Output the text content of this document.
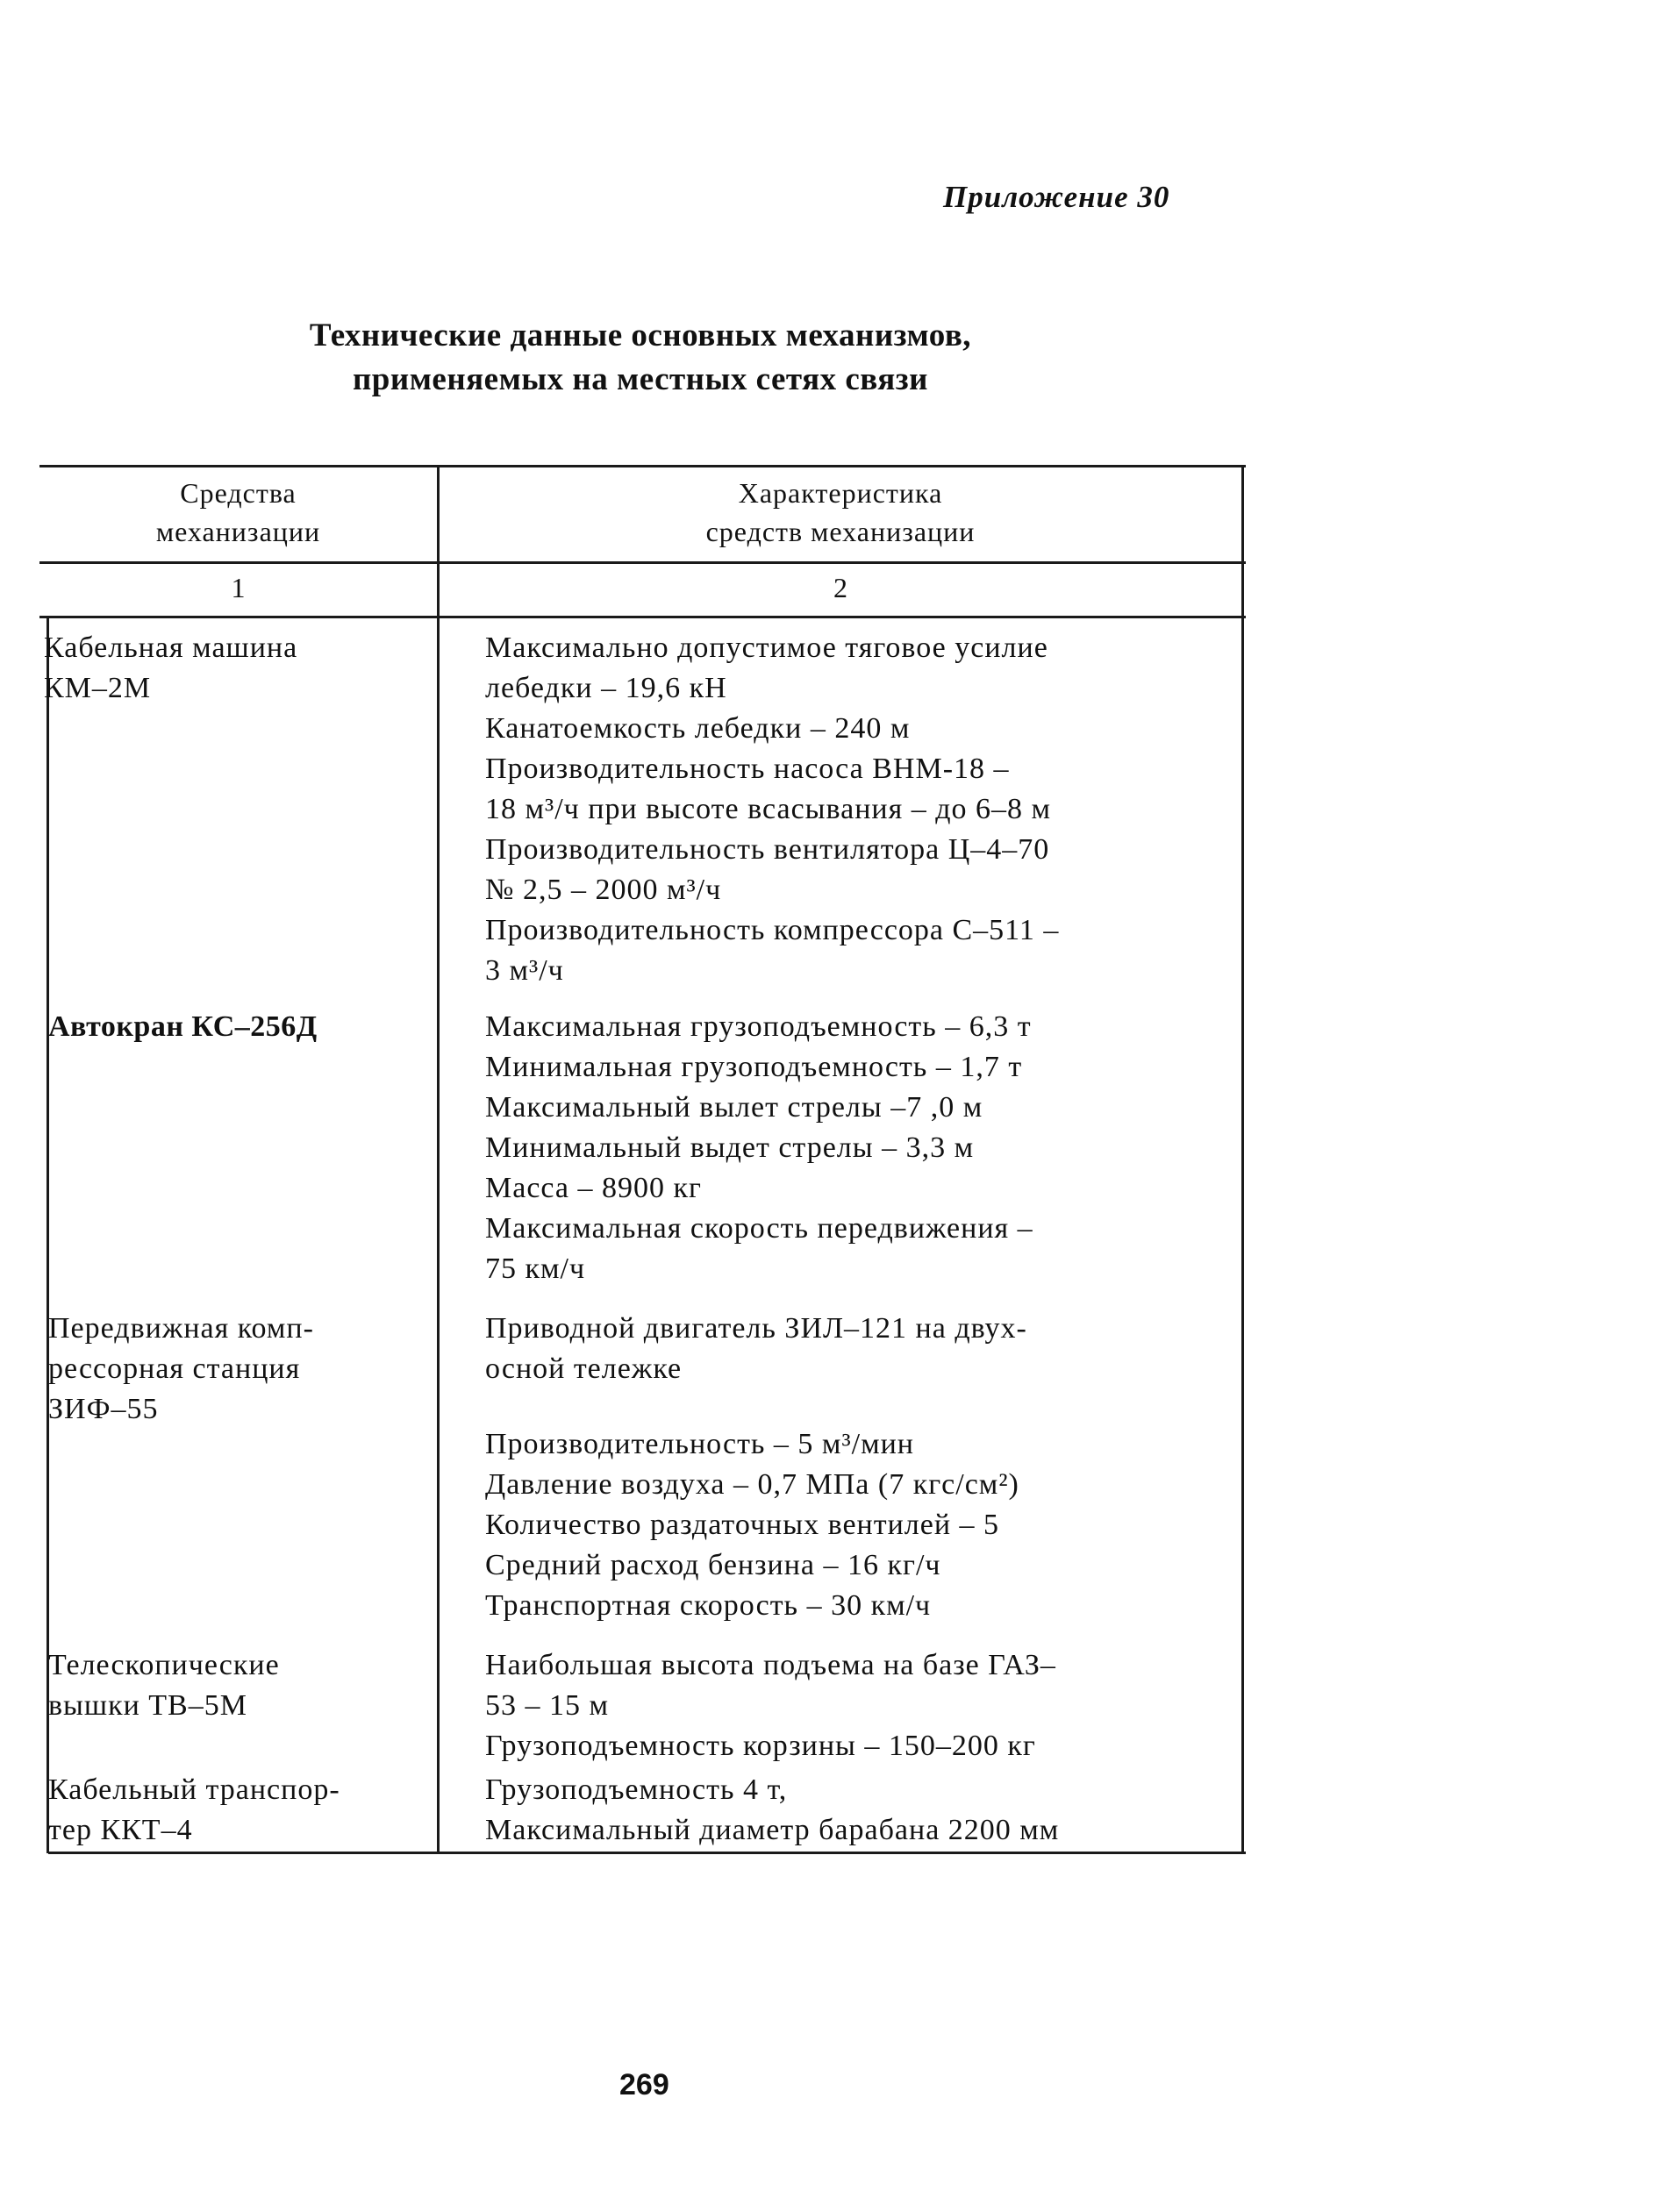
Приложение 30
Технические данные основных механизмов,
применяемых на местных сетях связи
Средства
механизации
Характеристика
средств механизации
1	2
Кабельная машина
КМ–2М
Максимально допустимое тяговое усилие
лебедки – 19,6 кН
Канатоемкость лебедки – 240 м
Производительность насоса ВНМ-18 –
18 м³/ч при высоте всасывания – до 6–8 м
Производительность вентилятора Ц–4–70
№ 2,5 – 2000 м³/ч
Производительность компрессора С–511 –
3 м³/ч
Автокран КС–256Д	Максимальная грузоподъемность – 6,3 т
Минимальная грузоподъемность – 1,7 т
Максимальный вылет стрелы –7 ,0 м
Минимальный выдет стрелы – 3,3 м
Масса – 8900 кг
Максимальная скорость передвижения –
75 км/ч
Передвижная комп-
рессорная станция
ЗИФ–55
Приводной двигатель ЗИЛ–121 на двух-
осной тележке
Производительность – 5 м³/мин
Давление воздуха – 0,7 МПа (7 кгс/см²)
Количество раздаточных вентилей – 5
Средний расход бензина – 16 кг/ч
Транспортная скорость – 30 км/ч
Телескопические
вышки ТВ–5М
Наибольшая высота подъема на базе ГАЗ–
53 – 15 м
Грузоподъемность корзины – 150–200 кг
Кабельный транспор-
тер ККТ–4
Грузоподъемность 4 т,
Максимальный диаметр барабана 2200 мм
269
